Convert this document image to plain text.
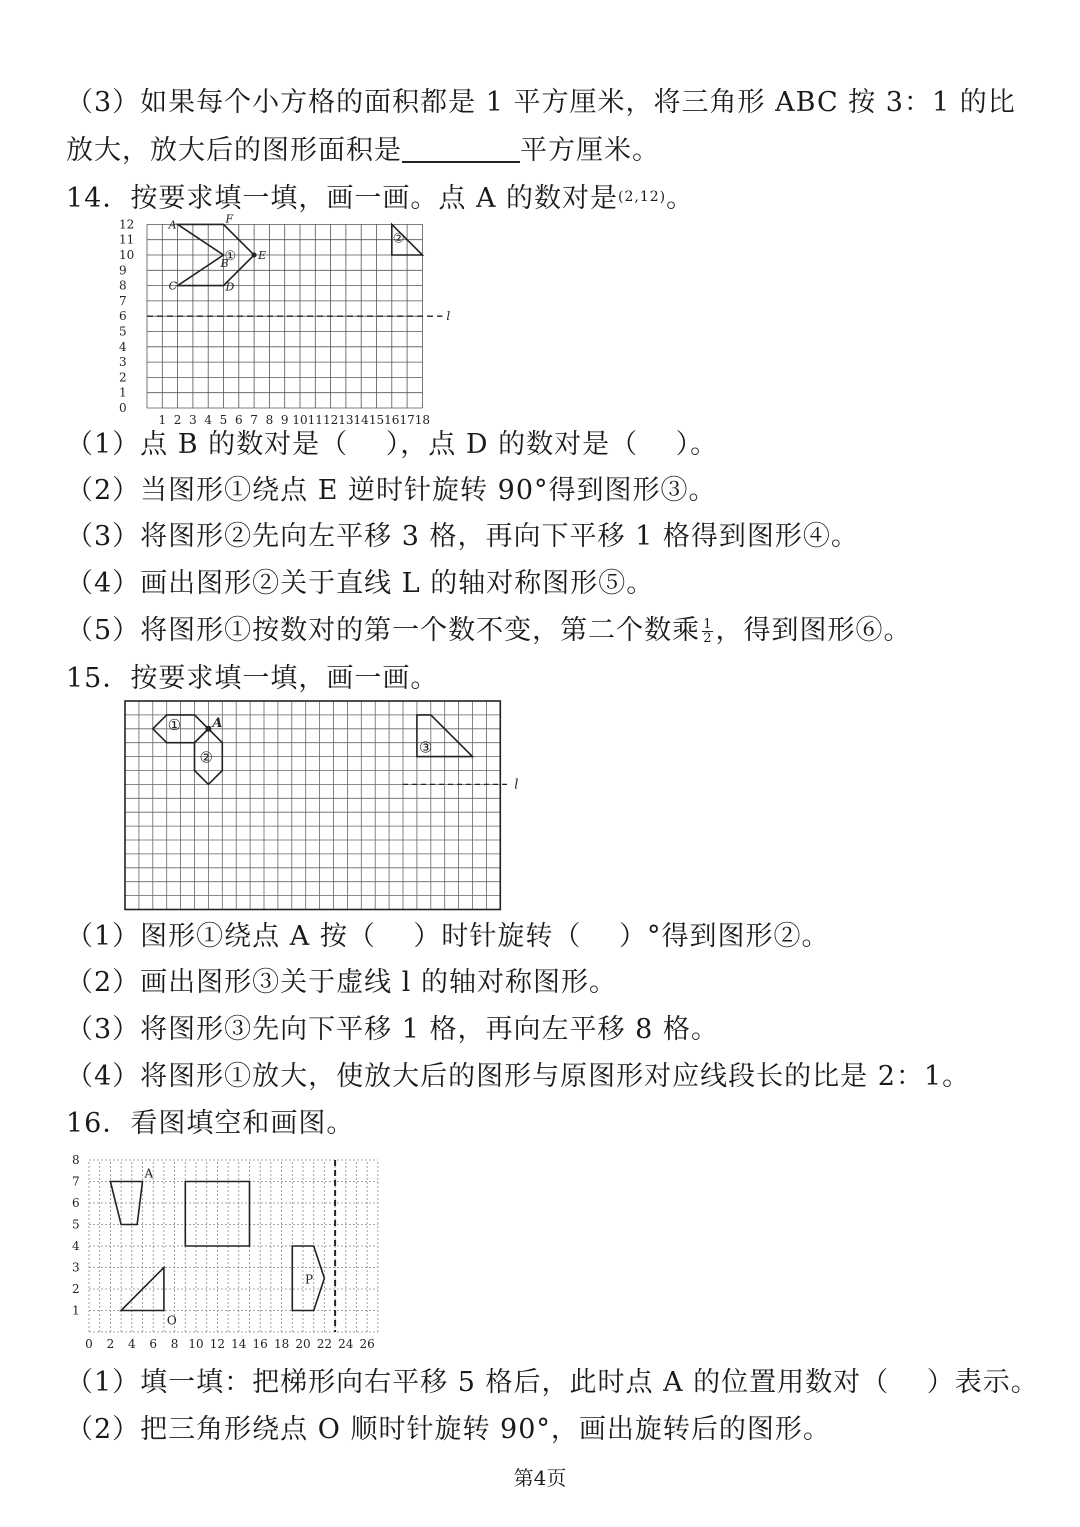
（3）如果每个小方格的面积都是 1 平方厘米，将三角形 ABC 按 3：1 的比
放大，放大后的图形面积是	平方厘米。
14．按要求填一填，画一画。点 A 的数对是$^{(2,12)}$。
12
11
10
9
8
7
6
5
4
3
2
1
0
1 2 3 4 5 6 7 8 9 10 11 12 13 14 15 16 17 18
l
A	F
B
E
C	D
①
②
（1）点 B 的数对是（　 ），点 D 的数对是（　 ）。
（2）当图形①绕点 E 逆时针旋转 90°得到图形③。
（3）将图形②先向左平移 3 格，再向下平移 1 格得到图形④。
（4）画出图形②关于直线 L 的轴对称图形⑤。
（5）将图形①按数对的第一个数不变，第二个数乘 $\frac{1}{2}$ ，得到图形⑥。
15．按要求填一填，画一画。
l
A
①
②
③
（1）图形①绕点 A 按（　 ）时针旋转（　 ）°得到图形②。
（2）画出图形③关于虚线 l 的轴对称图形。
（3）将图形③先向下平移 1 格，再向左平移 8 格。
（4）将图形①放大，使放大后的图形与原图形对应线段长的比是 2：1。
16．看图填空和画图。
8
7
6
5
4
3
2
1
0 2 4 6 8 10 12 14 16 18 20 22 24 26
A
O
P
（1）填一填：把梯形向右平移 5 格后，此时点 A 的位置用数对（　 ）表示。
（2）把三角形绕点 O 顺时针旋转 90°，画出旋转后的图形。
第4页
